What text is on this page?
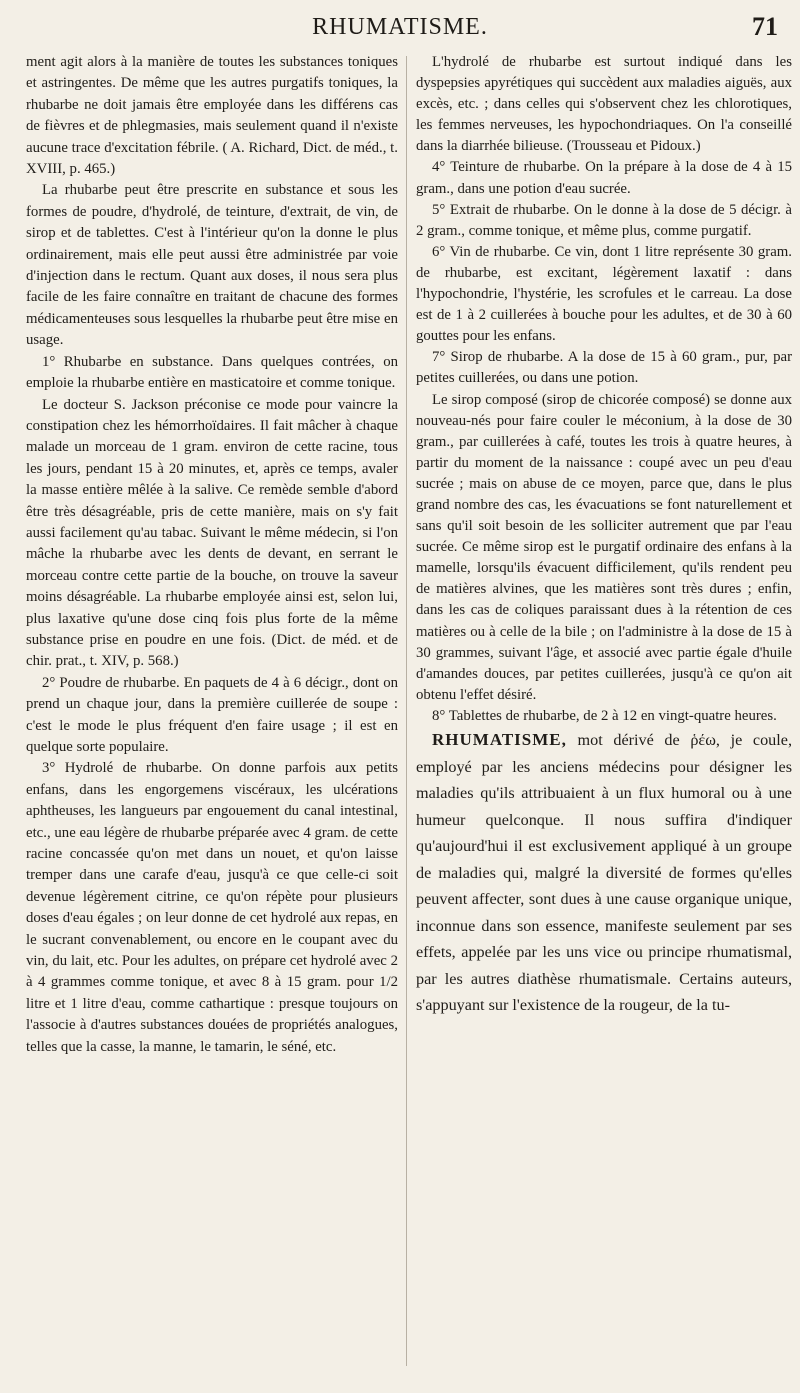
RHUMATISME.	71

ment agit alors à la manière de toutes les substances toniques et astringentes. De même que les autres purgatifs toniques, la rhubarbe ne doit jamais être employée dans les différens cas de fièvres et de phlegmasies, mais seulement quand il n'existe aucune trace d'excitation fébrile. ( A. Richard, Dict. de méd., t. XVIII, p. 465.)

La rhubarbe peut être prescrite en substance et sous les formes de poudre, d'hydrolé, de teinture, d'extrait, de vin, de sirop et de tablettes. C'est à l'intérieur qu'on la donne le plus ordinairement, mais elle peut aussi être administrée par voie d'injection dans le rectum. Quant aux doses, il nous sera plus facile de les faire connaître en traitant de chacune des formes médicamenteuses sous lesquelles la rhubarbe peut être mise en usage.

1° Rhubarbe en substance. Dans quelques contrées, on emploie la rhubarbe entière en masticatoire et comme tonique.

Le docteur S. Jackson préconise ce mode pour vaincre la constipation chez les hémorrhoïdaires. Il fait mâcher à chaque malade un morceau de 1 gram. environ de cette racine, tous les jours, pendant 15 à 20 minutes, et, après ce temps, avaler la masse entière mêlée à la salive. Ce remède semble d'abord être très désagréable, pris de cette manière, mais on s'y fait aussi facilement qu'au tabac. Suivant le même médecin, si l'on mâche la rhubarbe avec les dents de devant, en serrant le morceau contre cette partie de la bouche, on trouve la saveur moins désagréable. La rhubarbe employée ainsi est, selon lui, plus laxative qu'une dose cinq fois plus forte de la même substance prise en poudre en une fois. (Dict. de méd. et de chir. prat., t. XIV, p. 568.)

2° Poudre de rhubarbe. En paquets de 4 à 6 décigr., dont on prend un chaque jour, dans la première cuillerée de soupe : c'est le mode le plus fréquent d'en faire usage ; il est en quelque sorte populaire.

3° Hydrolé de rhubarbe. On donne parfois aux petits enfans, dans les engorgemens viscéraux, les ulcérations aphtheuses, les langueurs par engouement du canal intestinal, etc., une eau légère de rhubarbe préparée avec 4 gram. de cette racine concassée qu'on met dans un nouet, et qu'on laisse tremper dans une carafe d'eau, jusqu'à ce que celle-ci soit devenue légèrement citrine, ce qu'on répète pour plusieurs doses d'eau égales ; on leur donne de cet hydrolé aux repas, en le sucrant convenablement, ou encore en le coupant avec du vin, du lait, etc. Pour les adultes, on prépare cet hydrolé avec 2 à 4 grammes comme tonique, et avec 8 à 15 gram. pour 1/2 litre et 1 litre d'eau, comme cathartique : presque toujours on l'associe à d'autres substances douées de propriétés analogues, telles que la casse, la manne, le tamarin, le séné, etc.

L'hydrolé de rhubarbe est surtout indiqué dans les dyspepsies apyrétiques qui succèdent aux maladies aiguës, aux excès, etc. ; dans celles qui s'observent chez les chlorotiques, les femmes nerveuses, les hypochondriaques. On l'a conseillé dans la diarrhée bilieuse. (Trousseau et Pidoux.)

4° Teinture de rhubarbe. On la prépare à la dose de 4 à 15 gram., dans une potion d'eau sucrée.

5° Extrait de rhubarbe. On le donne à la dose de 5 décigr. à 2 gram., comme tonique, et même plus, comme purgatif.

6° Vin de rhubarbe. Ce vin, dont 1 litre représente 30 gram. de rhubarbe, est excitant, légèrement laxatif : dans l'hypochondrie, l'hystérie, les scrofules et le carreau. La dose est de 1 à 2 cuillerées à bouche pour les adultes, et de 30 à 60 gouttes pour les enfans.

7° Sirop de rhubarbe. A la dose de 15 à 60 gram., pur, par petites cuillerées, ou dans une potion.

Le sirop composé (sirop de chicorée composé) se donne aux nouveau-nés pour faire couler le méconium, à la dose de 30 gram., par cuillerées à café, toutes les trois à quatre heures, à partir du moment de la naissance : coupé avec un peu d'eau sucrée ; mais on abuse de ce moyen, parce que, dans le plus grand nombre des cas, les évacuations se font naturellement et sans qu'il soit besoin de les solliciter autrement que par l'eau sucrée. Ce même sirop est le purgatif ordinaire des enfans à la mamelle, lorsqu'ils évacuent difficilement, qu'ils rendent peu de matières alvines, que les matières sont très dures ; enfin, dans les cas de coliques paraissant dues à la rétention de ces matières ou à celle de la bile ; on l'administre à la dose de 15 à 30 grammes, suivant l'âge, et associé avec partie égale d'huile d'amandes douces, par petites cuillerées, jusqu'à ce qu'on ait obtenu l'effet désiré.

8° Tablettes de rhubarbe, de 2 à 12 en vingt-quatre heures.

RHUMATISME, mot dérivé de ῥέω, je coule, employé par les anciens médecins pour désigner les maladies qu'ils attribuaient à un flux humoral ou à une humeur quelconque. Il nous suffira d'indiquer qu'aujourd'hui il est exclusivement appliqué à un groupe de maladies qui, malgré la diversité de formes qu'elles peuvent affecter, sont dues à une cause organique unique, inconnue dans son essence, manifeste seulement par ses effets, appelée par les uns vice ou principe rhumatismal, par les autres diathèse rhumatismale. Certains auteurs, s'appuyant sur l'existence de la rougeur, de la tu-
